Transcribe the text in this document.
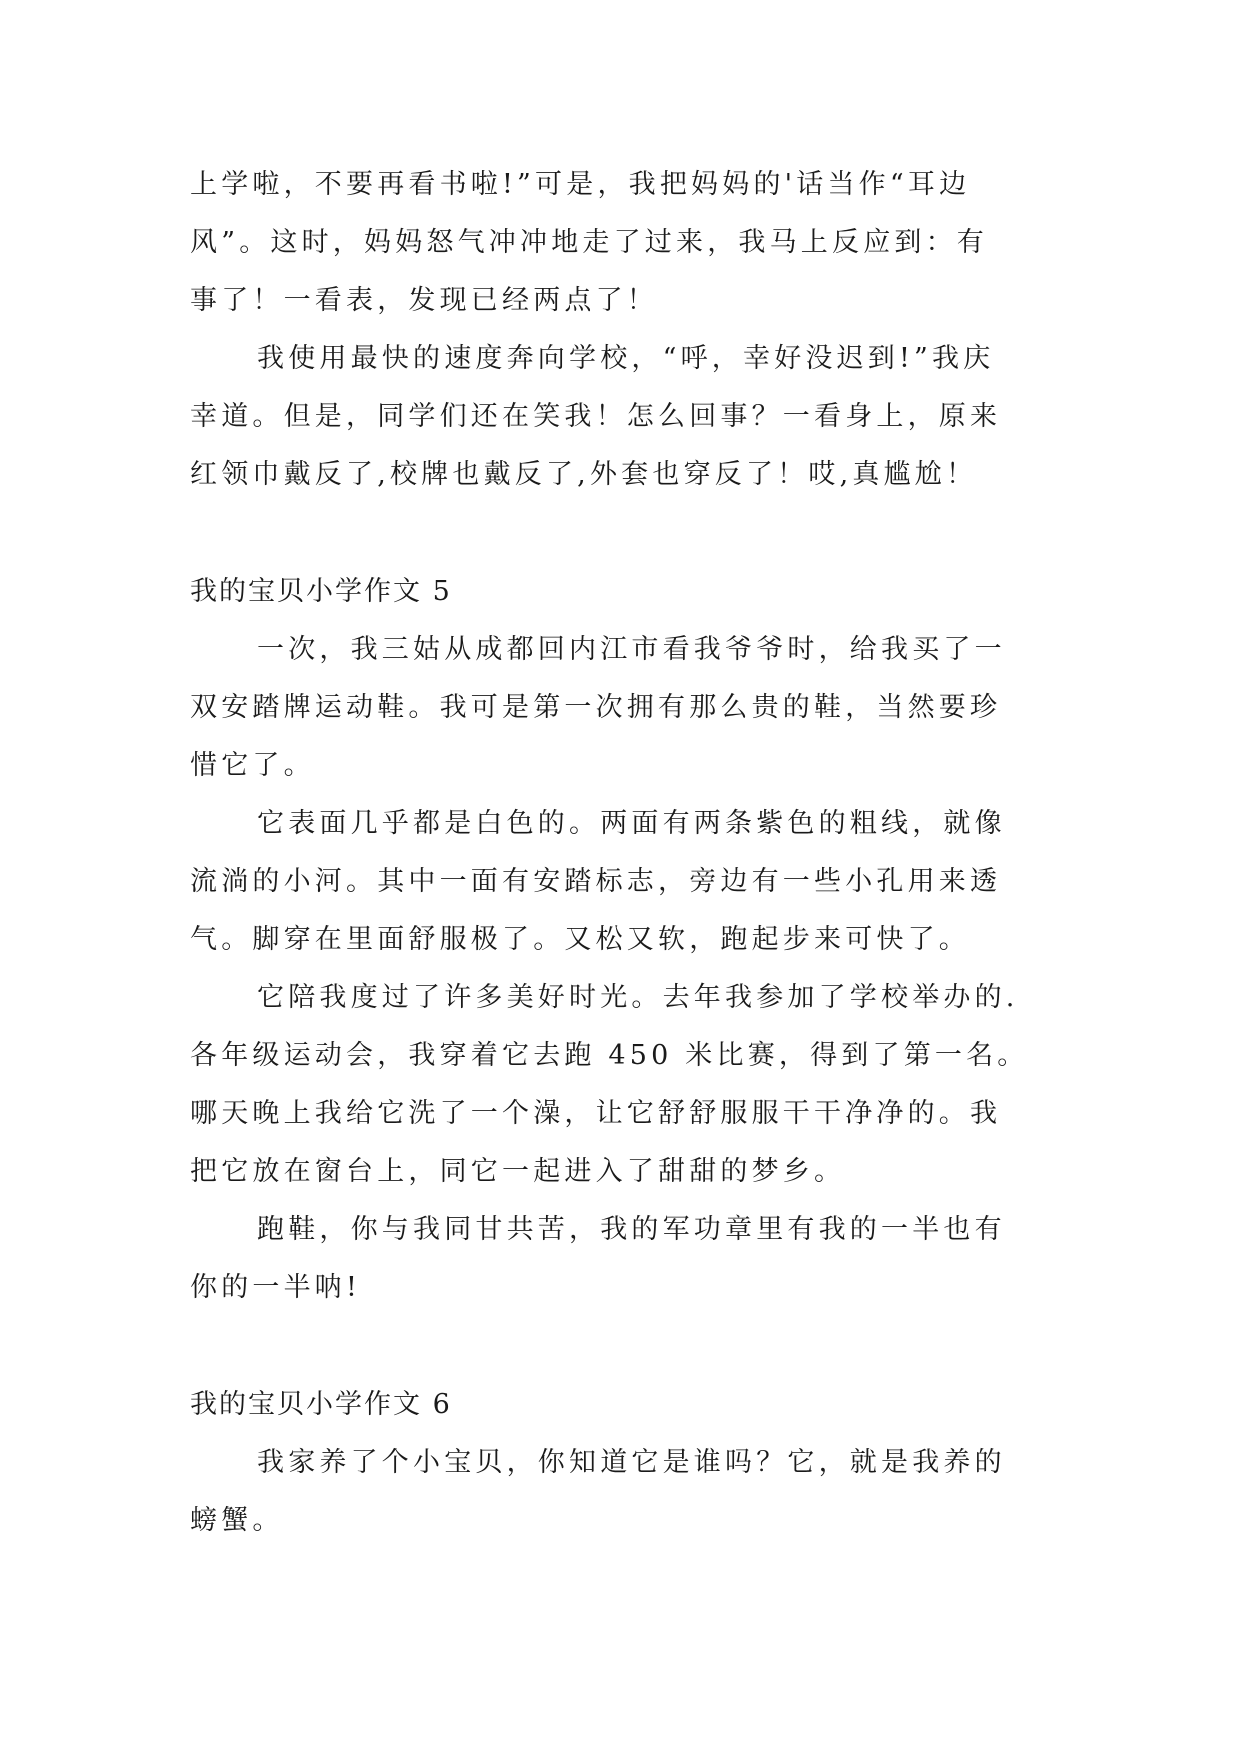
上学啦，不要再看书啦!”可是，我把妈妈的'话当作“耳边

风”。这时，妈妈怒气冲冲地走了过来，我马上反应到：有

事了！一看表，发现已经两点了！

我使用最快的速度奔向学校，“呼，幸好没迟到!”我庆

幸道。但是，同学们还在笑我！怎么回事？一看身上，原来

红领巾戴反了,校牌也戴反了,外套也穿反了！哎,真尴尬！

我的宝贝小学作文 5

一次，我三姑从成都回内江市看我爷爷时，给我买了一

双安踏牌运动鞋。我可是第一次拥有那么贵的鞋，当然要珍

惜它了。

它表面几乎都是白色的。两面有两条紫色的粗线，就像

流淌的小河。其中一面有安踏标志，旁边有一些小孔用来透

气。脚穿在里面舒服极了。又松又软，跑起步来可快了。

它陪我度过了许多美好时光。去年我参加了学校举办的.

各年级运动会，我穿着它去跑 450 米比赛，得到了第一名。

哪天晚上我给它洗了一个澡，让它舒舒服服干干净净的。我

把它放在窗台上，同它一起进入了甜甜的梦乡。

跑鞋，你与我同甘共苦，我的军功章里有我的一半也有

你的一半呐!

我的宝贝小学作文 6

我家养了个小宝贝，你知道它是谁吗？它，就是我养的

螃蟹。
